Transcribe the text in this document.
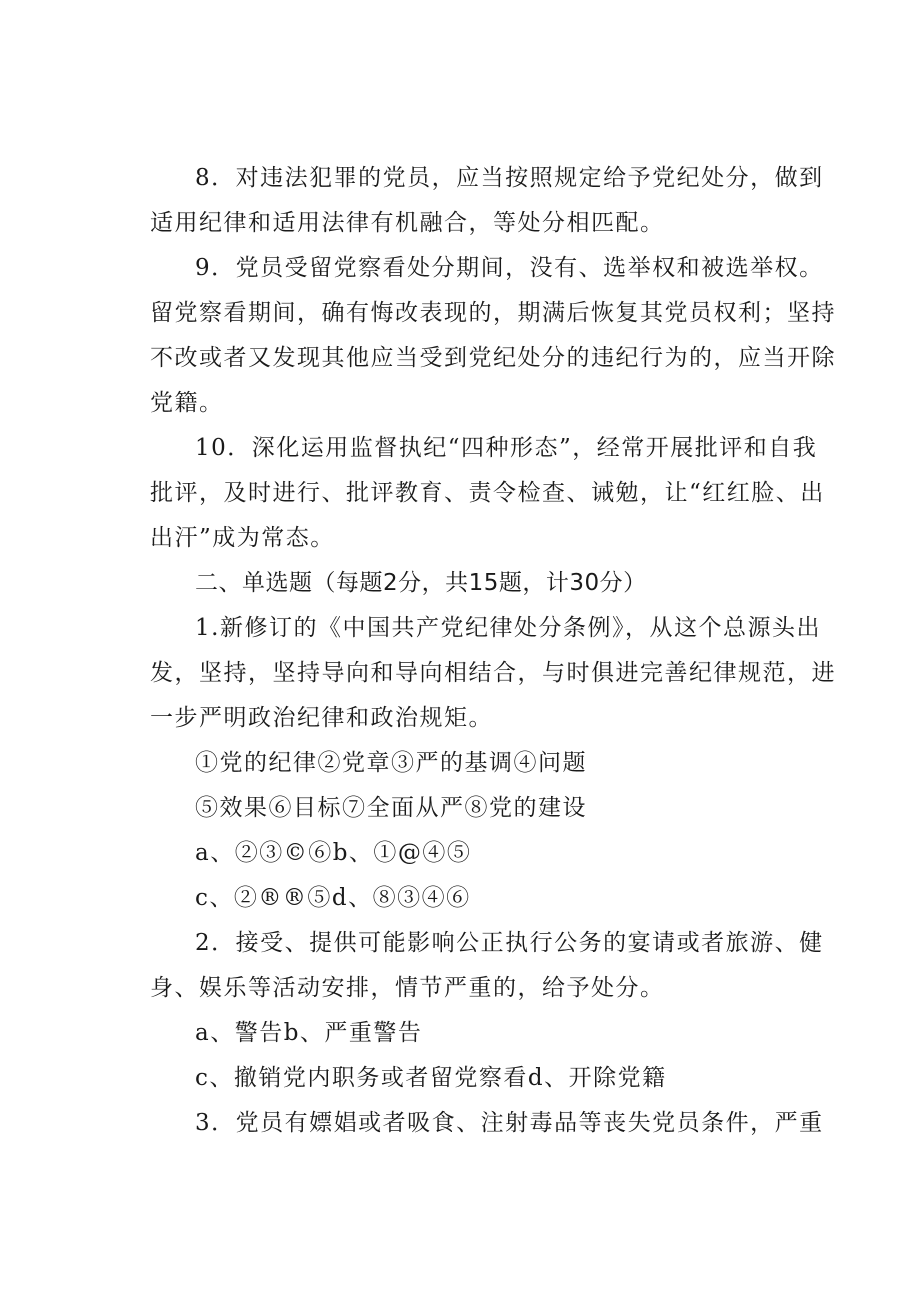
8．对违法犯罪的党员，应当按照规定给予党纪处分，做到
适用纪律和适用法律有机融合，等处分相匹配。
9．党员受留党察看处分期间，没有、选举权和被选举权。
留党察看期间，确有悔改表现的，期满后恢复其党员权利；坚持
不改或者又发现其他应当受到党纪处分的违纪行为的，应当开除
党籍。
10．深化运用监督执纪“四种形态”，经常开展批评和自我
批评，及时进行、批评教育、责令检查、诫勉，让“红红脸、出
出汗”成为常态。
二、单选题（每题2分，共15题，计30分）
1.新修订的《中国共产党纪律处分条例》，从这个总源头出
发，坚持，坚持导向和导向相结合，与时俱进完善纪律规范，进
一步严明政治纪律和政治规矩。
①党的纪律②党章③严的基调④问题
⑤效果⑥目标⑦全面从严⑧党的建设
a、②③©⑥b、①@④⑤
c、②®®⑤d、⑧③④⑥
2．接受、提供可能影响公正执行公务的宴请或者旅游、健
身、娱乐等活动安排，情节严重的，给予处分。
a、警告b、严重警告
c、撤销党内职务或者留党察看d、开除党籍
3．党员有嫖娼或者吸食、注射毒品等丧失党员条件，严重
